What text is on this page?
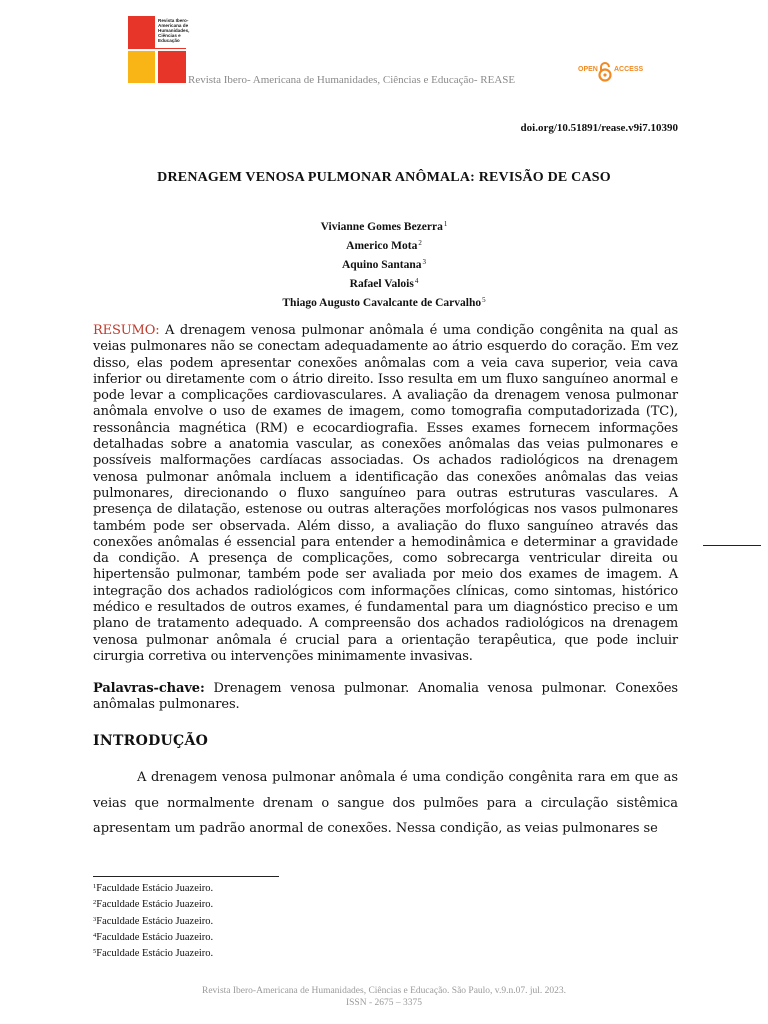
Revista Ibero-Americana de Humanidades, Ciências e Educação
Revista Ibero- Americana de Humanidades, Ciências e Educação- REASE
OPEN ACCESS
doi.org/10.51891/rease.v9i7.10390
DRENAGEM VENOSA PULMONAR ANÔMALA: REVISÃO DE CASO
Vivianne Gomes Bezerra$^1$
Americo Mota$^2$
Aquino Santana$^3$
Rafael Valois$^4$
Thiago Augusto Cavalcante de Carvalho$^5$
RESUMO: A drenagem venosa pulmonar anômala é uma condição congênita na qual as veias pulmonares não se conectam adequadamente ao átrio esquerdo do coração. Em vez disso, elas podem apresentar conexões anômalas com a veia cava superior, veia cava inferior ou diretamente com o átrio direito. Isso resulta em um fluxo sanguíneo anormal e pode levar a complicações cardiovasculares. A avaliação da drenagem venosa pulmonar anômala envolve o uso de exames de imagem, como tomografia computadorizada (TC), ressonância magnética (RM) e ecocardiografia. Esses exames fornecem informações detalhadas sobre a anatomia vascular, as conexões anômalas das veias pulmonares e possíveis malformações cardíacas associadas. Os achados radiológicos na drenagem venosa pulmonar anômala incluem a identificação das conexões anômalas das veias pulmonares, direcionando o fluxo sanguíneo para outras estruturas vasculares. A presença de dilatação, estenose ou outras alterações morfológicas nos vasos pulmonares também pode ser observada. Além disso, a avaliação do fluxo sanguíneo através das conexões anômalas é essencial para entender a hemodinâmica e determinar a gravidade da condição. A presença de complicações, como sobrecarga ventricular direita ou hipertensão pulmonar, também pode ser avaliada por meio dos exames de imagem. A integração dos achados radiológicos com informações clínicas, como sintomas, histórico médico e resultados de outros exames, é fundamental para um diagnóstico preciso e um plano de tratamento adequado. A compreensão dos achados radiológicos na drenagem venosa pulmonar anômala é crucial para a orientação terapêutica, que pode incluir cirurgia corretiva ou intervenções minimamente invasivas.
Palavras-chave: Drenagem venosa pulmonar. Anomalia venosa pulmonar. Conexões anômalas pulmonares.
INTRODUÇÃO
A drenagem venosa pulmonar anômala é uma condição congênita rara em que as veias que normalmente drenam o sangue dos pulmões para a circulação sistêmica apresentam um padrão anormal de conexões. Nessa condição, as veias pulmonares se
$^1$Faculdade Estácio Juazeiro.
$^2$Faculdade Estácio Juazeiro.
$^3$Faculdade Estácio Juazeiro.
$^4$Faculdade Estácio Juazeiro.
$^5$Faculdade Estácio Juazeiro.
Revista Ibero-Americana de Humanidades, Ciências e Educação. São Paulo, v.9.n.07. jul. 2023.
ISSN - 2675 – 3375
